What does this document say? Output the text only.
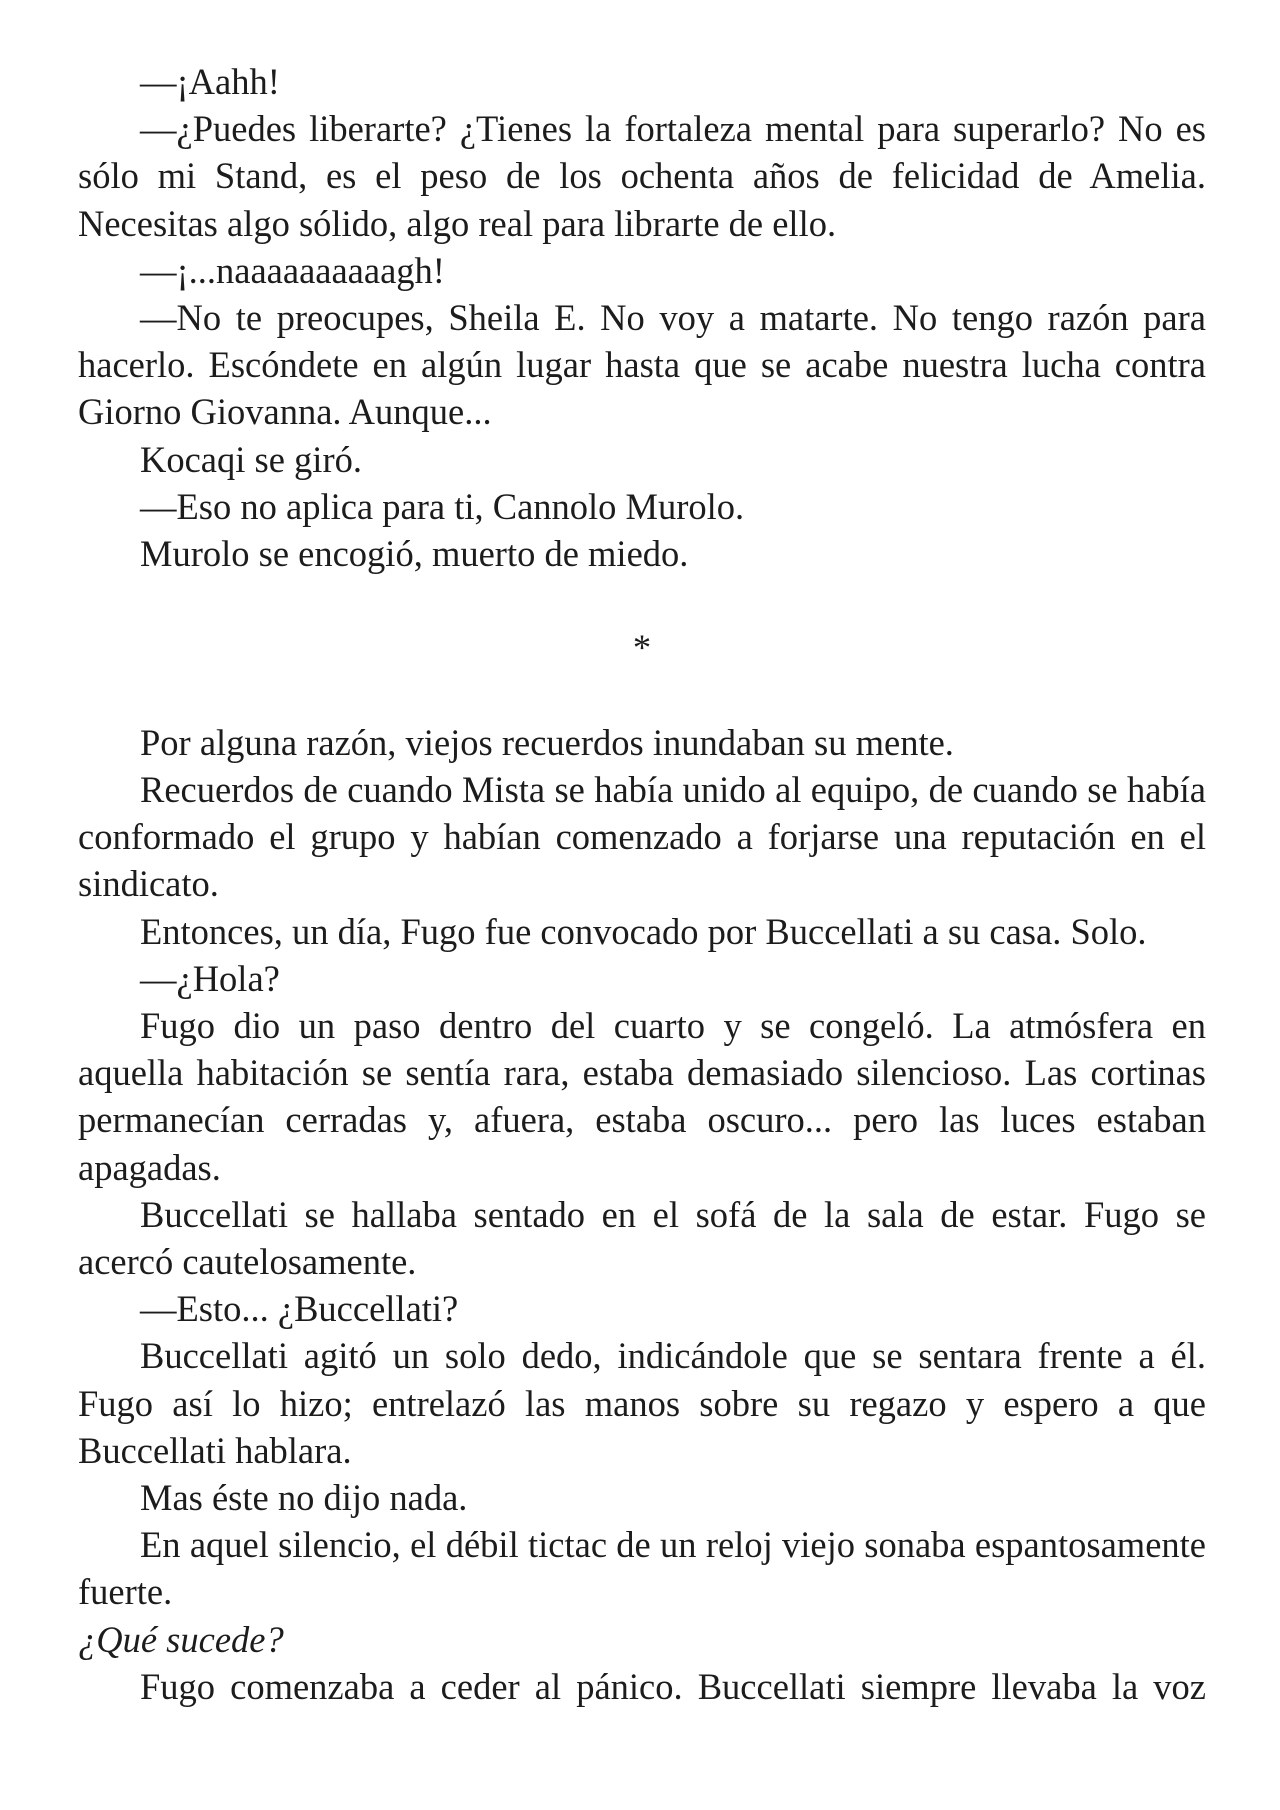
—¡Aahh!

—¿Puedes liberarte? ¿Tienes la fortaleza mental para superarlo? No es sólo mi Stand, es el peso de los ochenta años de felicidad de Amelia. Necesitas algo sólido, algo real para librarte de ello.

—¡...naaaaaaaaaagh!

—No te preocupes, Sheila E. No voy a matarte. No tengo razón para hacerlo. Escóndete en algún lugar hasta que se acabe nuestra lucha contra Giorno Giovanna. Aunque...

Kocaqi se giró.

—Eso no aplica para ti, Cannolo Murolo.

Murolo se encogió, muerto de miedo.

*

Por alguna razón, viejos recuerdos inundaban su mente.

Recuerdos de cuando Mista se había unido al equipo, de cuando se había conformado el grupo y habían comenzado a forjarse una reputación en el sindicato.

Entonces, un día, Fugo fue convocado por Buccellati a su casa. Solo.

—¿Hola?

Fugo dio un paso dentro del cuarto y se congeló. La atmósfera en aquella habitación se sentía rara, estaba demasiado silencioso. Las cortinas permanecían cerradas y, afuera, estaba oscuro... pero las luces estaban apagadas.

Buccellati se hallaba sentado en el sofá de la sala de estar. Fugo se acercó cautelosamente.

—Esto... ¿Buccellati?

Buccellati agitó un solo dedo, indicándole que se sentara frente a él. Fugo así lo hizo; entrelazó las manos sobre su regazo y espero a que Buccellati hablara.

Mas éste no dijo nada.

En aquel silencio, el débil tictac de un reloj viejo sonaba espantosamente fuerte.

¿Qué sucede?

Fugo comenzaba a ceder al pánico. Buccellati siempre llevaba la voz
